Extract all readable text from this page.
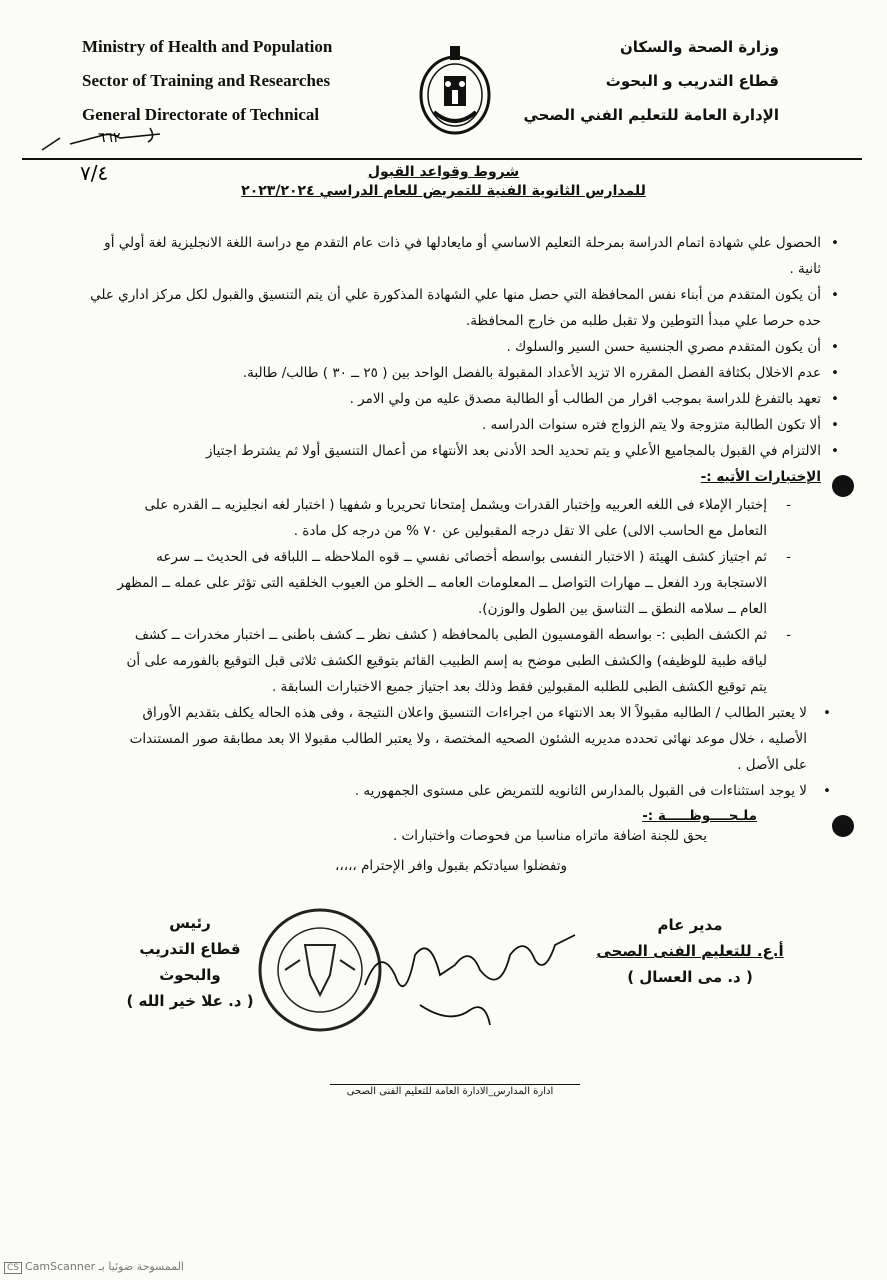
Ministry of Health and Population
Sector of Training and Researches
General Directorate of Technical
وزارة الصحة والسكان
قطاع التدريب و البحوث
الإدارة العامة للتعليم الفني الصحي
٦٦٢
٧/٤	شروط وقواعد القبول
للمدارس الثانوية الفنية للتمريض للعام الدراسي ٢٠٢٣/٢٠٢٤

• الحصول علي شهادة اتمام الدراسة بمرحلة التعليم الاساسي أو مايعادلها في ذات عام التقدم مع دراسة اللغة الانجليزية لغة أولي أو ثانية .

• أن يكون المتقدم من أبناء نفس المحافظة التي حصل منها علي الشهادة المذكورة علي أن يتم التنسيق والقبول لكل مركز اداري علي حده حرصا علي مبدأ التوطين ولا تقبل طلبه من خارج المحافظة.

• أن يكون المتقدم مصري الجنسية حسن السير والسلوك .

• عدم الاخلال بكثافة الفصل المقرره الا تزيد الأعداد المقبولة بالفصل الواحد بين ( ٢٥ ــ ٣٠ ) طالب/ طالبة.

• تعهد بالتفرغ للدراسة بموجب اقرار من الطالب أو الطالبة مصدق عليه من ولي الامر .

• ألا تكون الطالبة متزوجة ولا يتم الزواج فتره سنوات الدراسه .

• الالتزام في القبول بالمجاميع الأعلي و يتم تحديد الحد الأدنى بعد الأنتهاء من أعمال التنسيق أولا ثم يشترط اجتياز

الإختبارات الأتيه :-

-
إختبار الإملاء فى اللغه العربيه وإختبار القدرات ويشمل إمتحانا تحريريا و شفهيا ( اختبار لغه انجليزيه ــ القدره على التعامل مع الحاسب الالى) على الا تقل درجه المقبولين عن ٧٠ % من درجه كل مادة .

-
ثم اجتياز كشف الهيئة ( الاختبار النفسى بواسطه أخصائى نفسي ــ قوه الملاحظه ــ اللباقه فى الحديث ــ سرعه الاستجابة ورد الفعل ــ مهارات التواصل ــ المعلومات العامه ــ الخلو من العيوب الخلقيه التى تؤثر على عمله ــ المظهر العام ــ سلامه النطق ــ التناسق بين الطول والوزن).

-
ثم الكشف الطبى :- بواسطه القومسيون الطبى بالمحافظه ( كشف نظر ــ كشف باطنى ــ اختبار مخدرات ــ كشف لياقه طبية للوظيفه) والكشف الطبى موضح به إسم الطبيب القائم بتوقيع الكشف ثلاثى قبل التوقيع بالفورمه على أن يتم توقيع الكشف الطبى للطلبه المقبولين فقط وذلك بعد اجتياز جميع الاختبارات السابقة .

•
لا يعتبر الطالب / الطالبه مقبولاً الا بعد الانتهاء من اجراءات التنسيق واعلان النتيجة ، وفى هذه الحاله يكلف بتقديم الأوراق الأصليه ، خلال موعد نهائى تحدده مديريه الشئون الصحيه المختصة ، ولا يعتبر الطالب مقبولا الا بعد مطابقة صور المستندات على الأصل .

•
لا يوجد استثناءات فى القبول بالمدارس الثانويه للتمريض على مستوى الجمهوريه .

ملـحــــوظـــــة :-
يحق للجنة اضافة ماتراه مناسبا من فحوصات واختبارات .
وتفضلوا سيادتكم بقبول وافر الإحترام ،،،،،
مدير عام
أ.ع. للتعليم الفنى الصحى
( د. مى العسال )
رئيس
قطاع التدريب والبحوث
( د. علا خير الله )
ادارة المدارس_الادارة العامة للتعليم الفنى الصحى
CS CamScanner الممسوحة ضوئيا بـ
